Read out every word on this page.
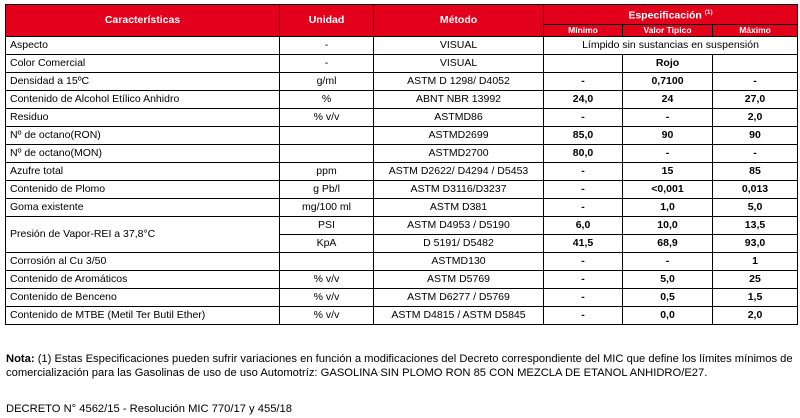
Características	Unidad	Método	Especificación $^{(1)}$
			Mínimo	Valor Tipico	Máximo
Aspecto	-	VISUAL	Límpido sin sustancias en suspensión		
Color Comercial	-	VISUAL		Rojo	
Densidad a 15ºC	g/ml	ASTM D 1298/ D4052	-	0,7100	-
Contenido de Alcohol Etílico Anhidro	%	ABNT NBR 13992	24,0	24	27,0
Residuo	% v/v	ASTMD86	-	-	2,0
Nº de octano(RON)		ASTMD2699	85,0	90	90
Nº de octano(MON)		ASTMD2700	80,0	-	-
Azufre total	ppm	ASTM D2622/ D4294 / D5453	-	15	85
Contenido de Plomo	g Pb/l	ASTM D3116/D3237	-	<0,001	0,013
Goma existente	mg/100 ml	ASTM D381	-	1,0	5,0
Presión de Vapor-REI a 37,8°C	PSI	ASTM D4953 / D5190	6,0	10,0	13,5
	KpA	D 5191/ D5482	41,5	68,9	93,0
Corrosión al Cu 3/50		ASTMD130	-	-	1
Contenido de Aromáticos	% v/v	ASTM D5769	-	5,0	25
Contenido de Benceno	% v/v	ASTM D6277 / D5769	-	0,5	1,5
Contenido de MTBE (Metil Ter Butil Ether)	% v/v	ASTM D4815 / ASTM D5845	-	0,0	2,0
Nota: (1) Estas Especificaciones pueden sufrir variaciones en función a modificaciones del Decreto correspondiente del MIC que define los límites mínimos de comercialización para las Gasolinas de uso de uso Automotríz: GASOLINA SIN PLOMO RON 85 CON MEZCLA DE ETANOL ANHIDRO/E27.
DECRETO N° 4562/15 - Resolución MIC 770/17 y 455/18
